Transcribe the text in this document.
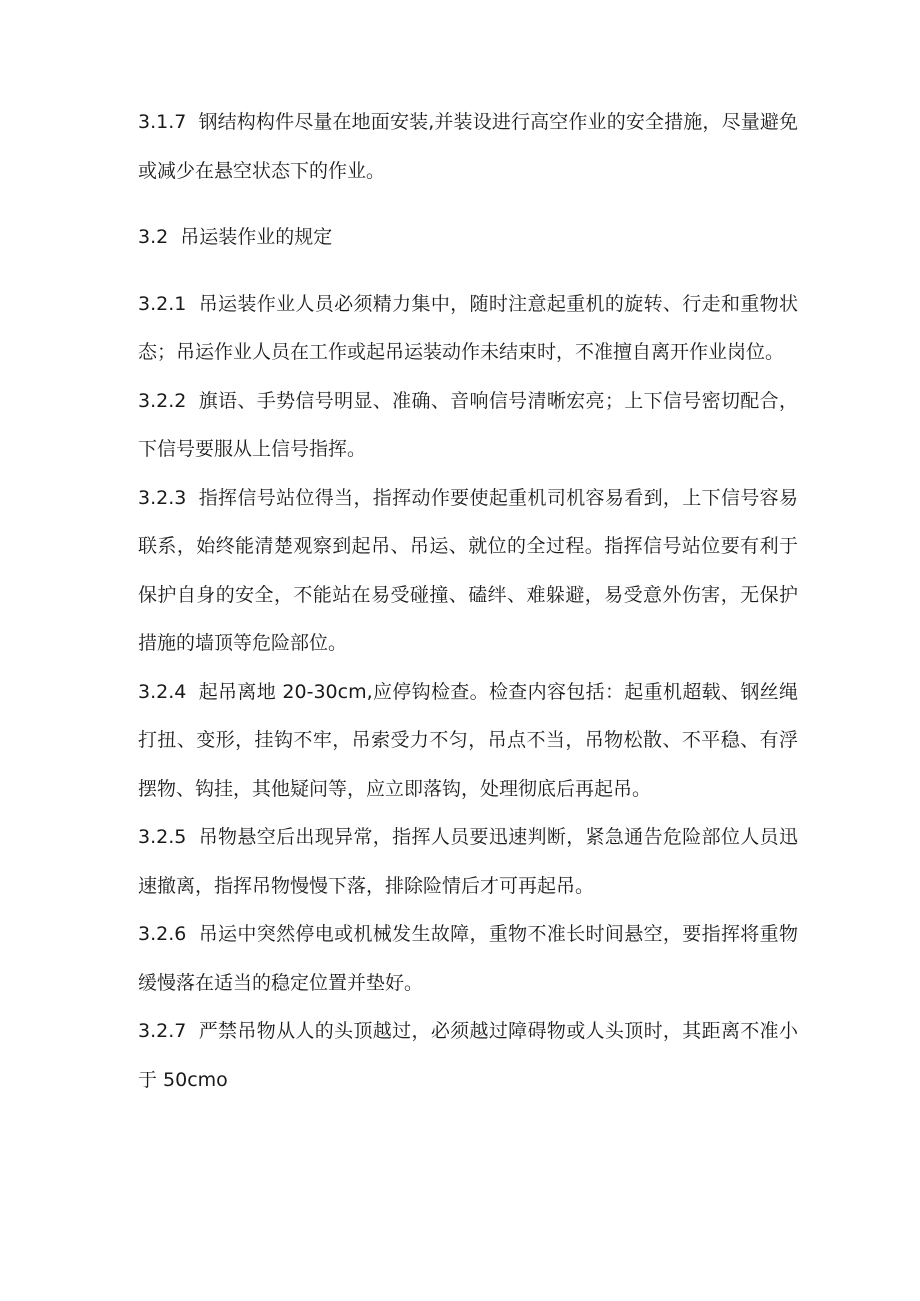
3.1.7 钢结构构件尽量在地面安装,并装设进行高空作业的安全措施，尽量避免或减少在悬空状态下的作业。

3.2 吊运装作业的规定

3.2.1 吊运装作业人员必须精力集中，随时注意起重机的旋转、行走和重物状态；吊运作业人员在工作或起吊运装动作未结束时，不准擅自离开作业岗位。

3.2.2 旗语、手势信号明显、准确、音响信号清晰宏亮；上下信号密切配合，下信号要服从上信号指挥。

3.2.3 指挥信号站位得当，指挥动作要使起重机司机容易看到，上下信号容易联系，始终能清楚观察到起吊、吊运、就位的全过程。指挥信号站位要有利于保护自身的安全，不能站在易受碰撞、磕绊、难躲避，易受意外伤害，无保护措施的墙顶等危险部位。

3.2.4 起吊离地 20-30cm,应停钩检查。检查内容包括：起重机超载、钢丝绳打扭、变形，挂钩不牢，吊索受力不匀，吊点不当，吊物松散、不平稳、有浮摆物、钩挂，其他疑问等，应立即落钩，处理彻底后再起吊。

3.2.5 吊物悬空后出现异常，指挥人员要迅速判断，紧急通告危险部位人员迅速撤离，指挥吊物慢慢下落，排除险情后才可再起吊。

3.2.6 吊运中突然停电或机械发生故障，重物不准长时间悬空，要指挥将重物缓慢落在适当的稳定位置并垫好。

3.2.7 严禁吊物从人的头顶越过，必须越过障碍物或人头顶时，其距离不准小于 50cmo
